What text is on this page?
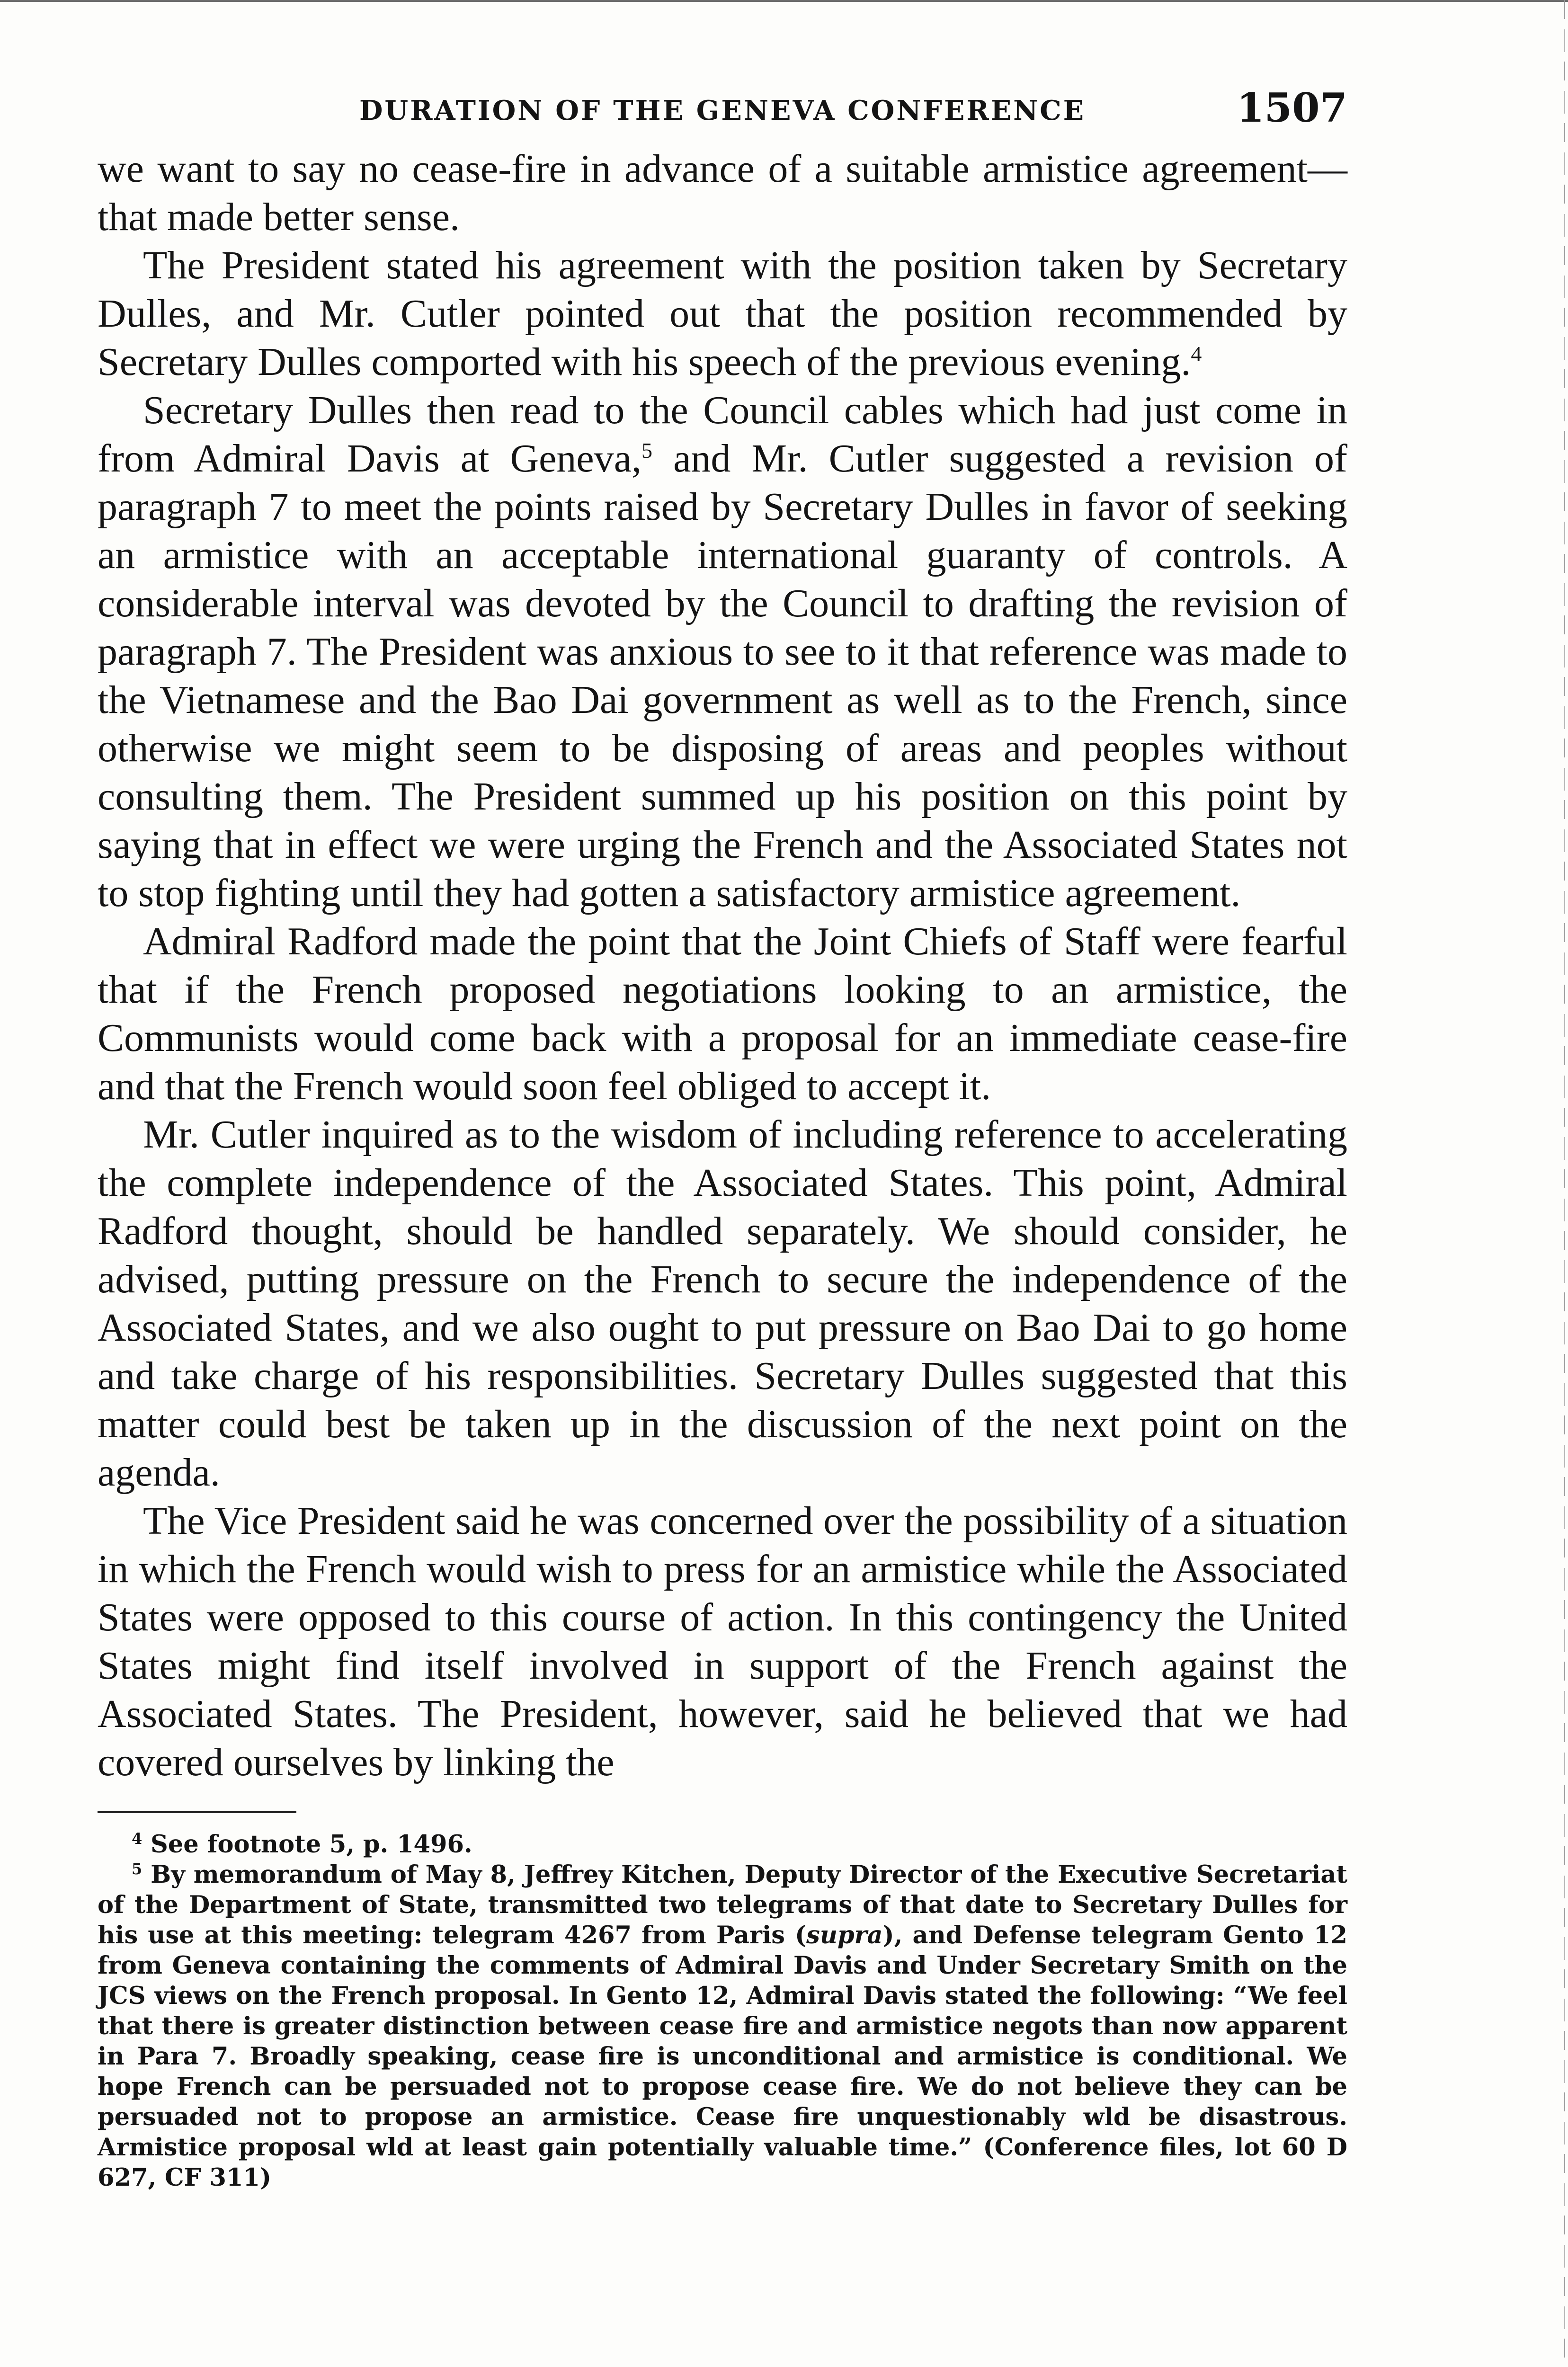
DURATION OF THE GENEVA CONFERENCE	1507

we want to say no cease-fire in advance of a suitable armistice agreement—that made better sense.

The President stated his agreement with the position taken by Secretary Dulles, and Mr. Cutler pointed out that the position recommended by Secretary Dulles comported with his speech of the previous evening.$^4$

Secretary Dulles then read to the Council cables which had just come in from Admiral Davis at Geneva,$^5$ and Mr. Cutler suggested a revision of paragraph 7 to meet the points raised by Secretary Dulles in favor of seeking an armistice with an acceptable international guaranty of controls. A considerable interval was devoted by the Council to drafting the revision of paragraph 7. The President was anxious to see to it that reference was made to the Vietnamese and the Bao Dai government as well as to the French, since otherwise we might seem to be disposing of areas and peoples without consulting them. The President summed up his position on this point by saying that in effect we were urging the French and the Associated States not to stop fighting until they had gotten a satisfactory armistice agreement.

Admiral Radford made the point that the Joint Chiefs of Staff were fearful that if the French proposed negotiations looking to an armistice, the Communists would come back with a proposal for an immediate cease-fire and that the French would soon feel obliged to accept it.

Mr. Cutler inquired as to the wisdom of including reference to accelerating the complete independence of the Associated States. This point, Admiral Radford thought, should be handled separately. We should consider, he advised, putting pressure on the French to secure the independence of the Associated States, and we also ought to put pressure on Bao Dai to go home and take charge of his responsibilities. Secretary Dulles suggested that this matter could best be taken up in the discussion of the next point on the agenda.

The Vice President said he was concerned over the possibility of a situation in which the French would wish to press for an armistice while the Associated States were opposed to this course of action. In this contingency the United States might find itself involved in support of the French against the Associated States. The President, however, said he believed that we had covered ourselves by linking the

$^4$ See footnote 5, p. 1496.

$^5$ By memorandum of May 8, Jeffrey Kitchen, Deputy Director of the Executive Secretariat of the Department of State, transmitted two telegrams of that date to Secretary Dulles for his use at this meeting: telegram 4267 from Paris (supra), and Defense telegram Gento 12 from Geneva containing the comments of Admiral Davis and Under Secretary Smith on the JCS views on the French proposal. In Gento 12, Admiral Davis stated the following: “We feel that there is greater distinction between cease fire and armistice negots than now apparent in Para 7. Broadly speaking, cease fire is unconditional and armistice is conditional. We hope French can be persuaded not to propose cease fire. We do not believe they can be persuaded not to propose an armistice. Cease fire unquestionably wld be disastrous. Armistice proposal wld at least gain potentially valuable time.” (Conference files, lot 60 D 627, CF 311)
